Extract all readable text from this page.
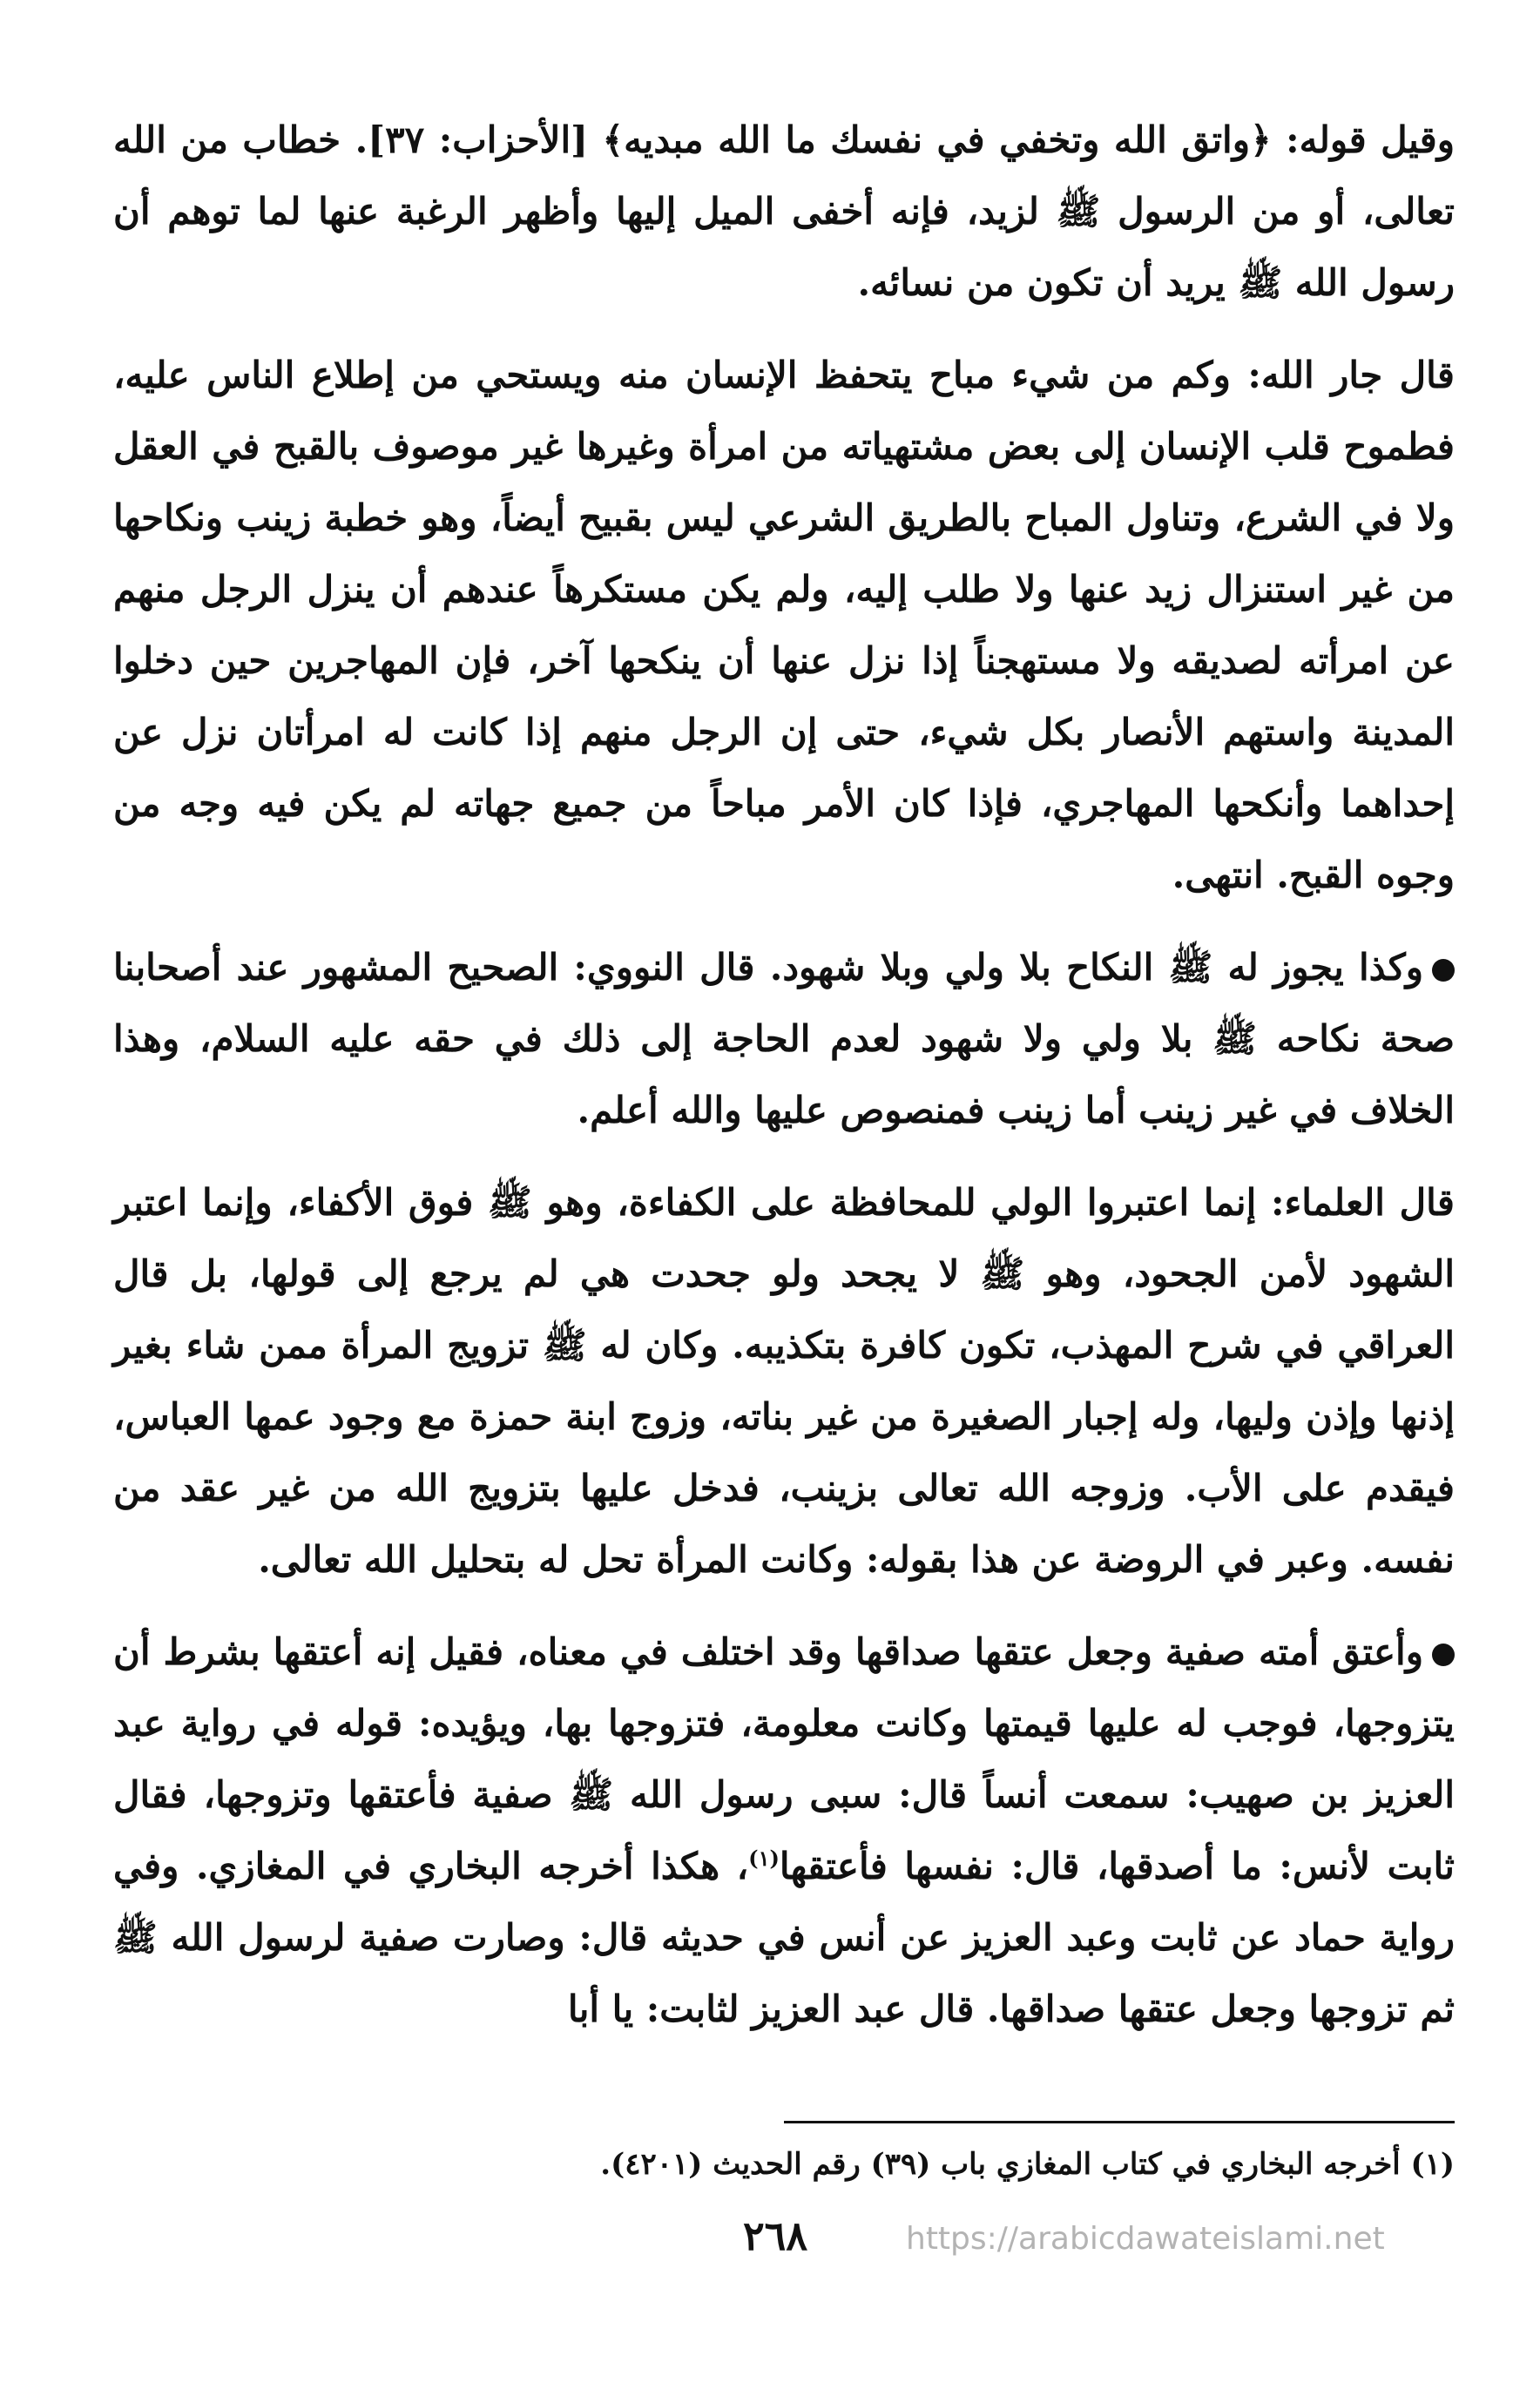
وقيل قوله: ﴿واتق الله وتخفي في نفسك ما الله مبديه﴾ [الأحزاب: ٣٧]. خطاب من الله تعالى، أو من الرسول ﷺ لزيد، فإنه أخفى الميل إليها وأظهر الرغبة عنها لما توهم أن رسول الله ﷺ يريد أن تكون من نسائه.

قال جار الله: وكم من شيء مباح يتحفظ الإنسان منه ويستحي من إطلاع الناس عليه، فطموح قلب الإنسان إلى بعض مشتهياته من امرأة وغيرها غير موصوف بالقبح في العقل ولا في الشرع، وتناول المباح بالطريق الشرعي ليس بقبيح أيضاً، وهو خطبة زينب ونكاحها من غير استنزال زيد عنها ولا طلب إليه، ولم يكن مستكرهاً عندهم أن ينزل الرجل منهم عن امرأته لصديقه ولا مستهجناً إذا نزل عنها أن ينكحها آخر، فإن المهاجرين حين دخلوا المدينة واستهم الأنصار بكل شيء، حتى إن الرجل منهم إذا كانت له امرأتان نزل عن إحداهما وأنكحها المهاجري، فإذا كان الأمر مباحاً من جميع جهاته لم يكن فيه وجه من وجوه القبح. انتهى.

وكذا يجوز له ﷺ النكاح بلا ولي وبلا شهود. قال النووي: الصحيح المشهور عند أصحابنا صحة نكاحه ﷺ بلا ولي ولا شهود لعدم الحاجة إلى ذلك في حقه عليه السلام، وهذا الخلاف في غير زينب أما زينب فمنصوص عليها والله أعلم.

قال العلماء: إنما اعتبروا الولي للمحافظة على الكفاءة، وهو ﷺ فوق الأكفاء، وإنما اعتبر الشهود لأمن الجحود، وهو ﷺ لا يجحد ولو جحدت هي لم يرجع إلى قولها، بل قال العراقي في شرح المهذب، تكون كافرة بتكذيبه. وكان له ﷺ تزويج المرأة ممن شاء بغير إذنها وإذن وليها، وله إجبار الصغيرة من غير بناته، وزوج ابنة حمزة مع وجود عمها العباس، فيقدم على الأب. وزوجه الله تعالى بزينب، فدخل عليها بتزويج الله من غير عقد من نفسه. وعبر في الروضة عن هذا بقوله: وكانت المرأة تحل له بتحليل الله تعالى.

وأعتق أمته صفية وجعل عتقها صداقها وقد اختلف في معناه، فقيل إنه أعتقها بشرط أن يتزوجها، فوجب له عليها قيمتها وكانت معلومة، فتزوجها بها، ويؤيده: قوله في رواية عبد العزيز بن صهيب: سمعت أنساً قال: سبى رسول الله ﷺ صفية فأعتقها وتزوجها، فقال ثابت لأنس: ما أصدقها، قال: نفسها فأعتقها$^{(١)}$، هكذا أخرجه البخاري في المغازي. وفي رواية حماد عن ثابت وعبد العزيز عن أنس في حديثه قال: وصارت صفية لرسول الله ﷺ ثم تزوجها وجعل عتقها صداقها. قال عبد العزيز لثابت: يا أبا

(١) أخرجه البخاري في كتاب المغازي باب (٣٩) رقم الحديث (٤٢٠١).
٢٦٨	https://arabicdawateislami.net
